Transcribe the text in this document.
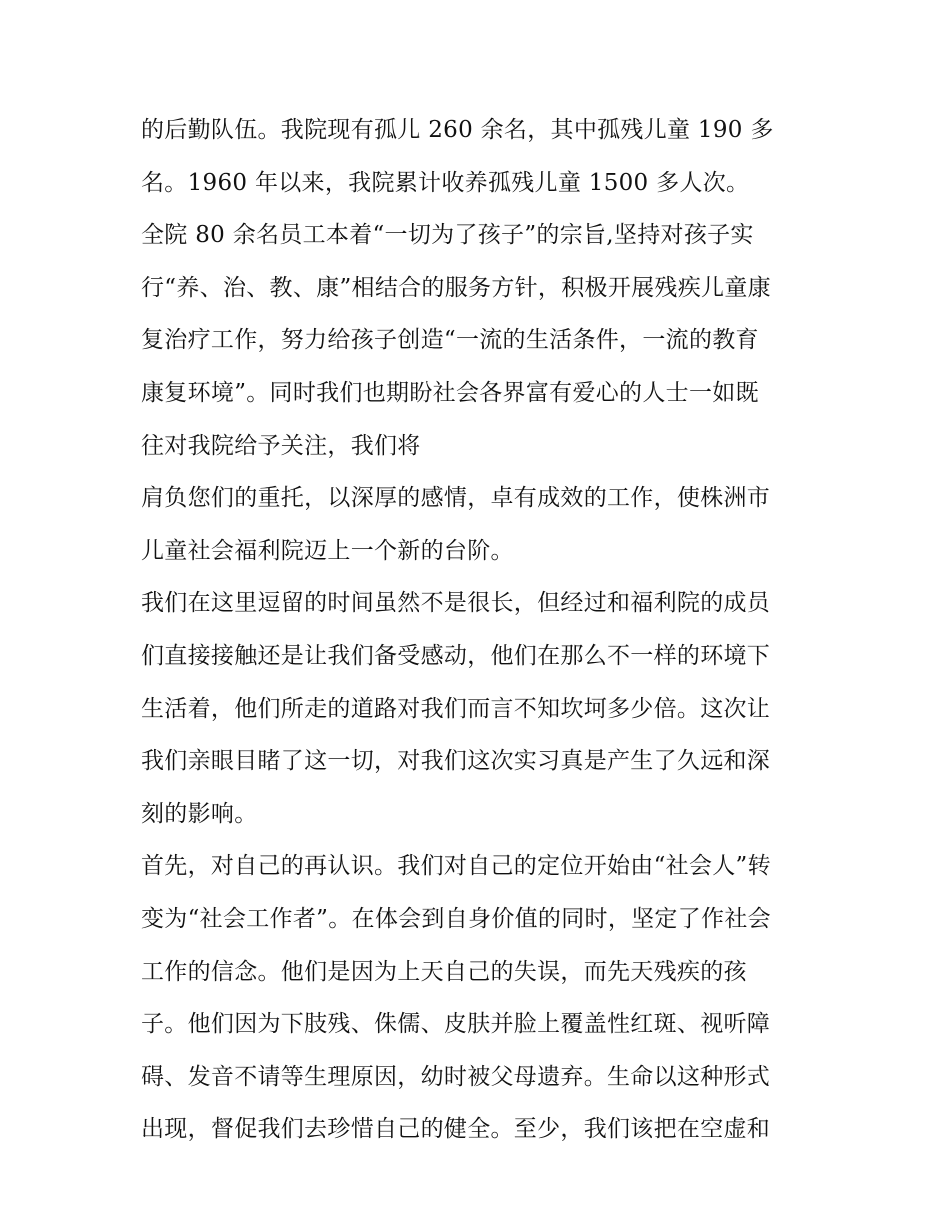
的后勤队伍。我院现有孤儿 260 余名，其中孤残儿童 190 多
名。1960 年以来，我院累计收养孤残儿童 1500 多人次。
全院 80 余名员工本着“一切为了孩子”的宗旨,坚持对孩子实
行“养、治、教、康”相结合的服务方针，积极开展残疾儿童康
复治疗工作，努力给孩子创造“一流的生活条件，一流的教育
康复环境”。同时我们也期盼社会各界富有爱心的人士一如既
往对我院给予关注，我们将
肩负您们的重托，以深厚的感情，卓有成效的工作，使株洲市
儿童社会福利院迈上一个新的台阶。
我们在这里逗留的时间虽然不是很长，但经过和福利院的成员
们直接接触还是让我们备受感动，他们在那么不一样的环境下
生活着，他们所走的道路对我们而言不知坎坷多少倍。这次让
我们亲眼目睹了这一切，对我们这次实习真是产生了久远和深
刻的影响。
首先，对自己的再认识。我们对自己的定位开始由“社会人”转
变为“社会工作者”。在体会到自身价值的同时，坚定了作社会
工作的信念。他们是因为上天自己的失误，而先天残疾的孩
子。他们因为下肢残、侏儒、皮肤并脸上覆盖性红斑、视听障
碍、发音不请等生理原因，幼时被父母遗弃。生命以这种形式
出现，督促我们去珍惜自己的健全。至少，我们该把在空虚和
